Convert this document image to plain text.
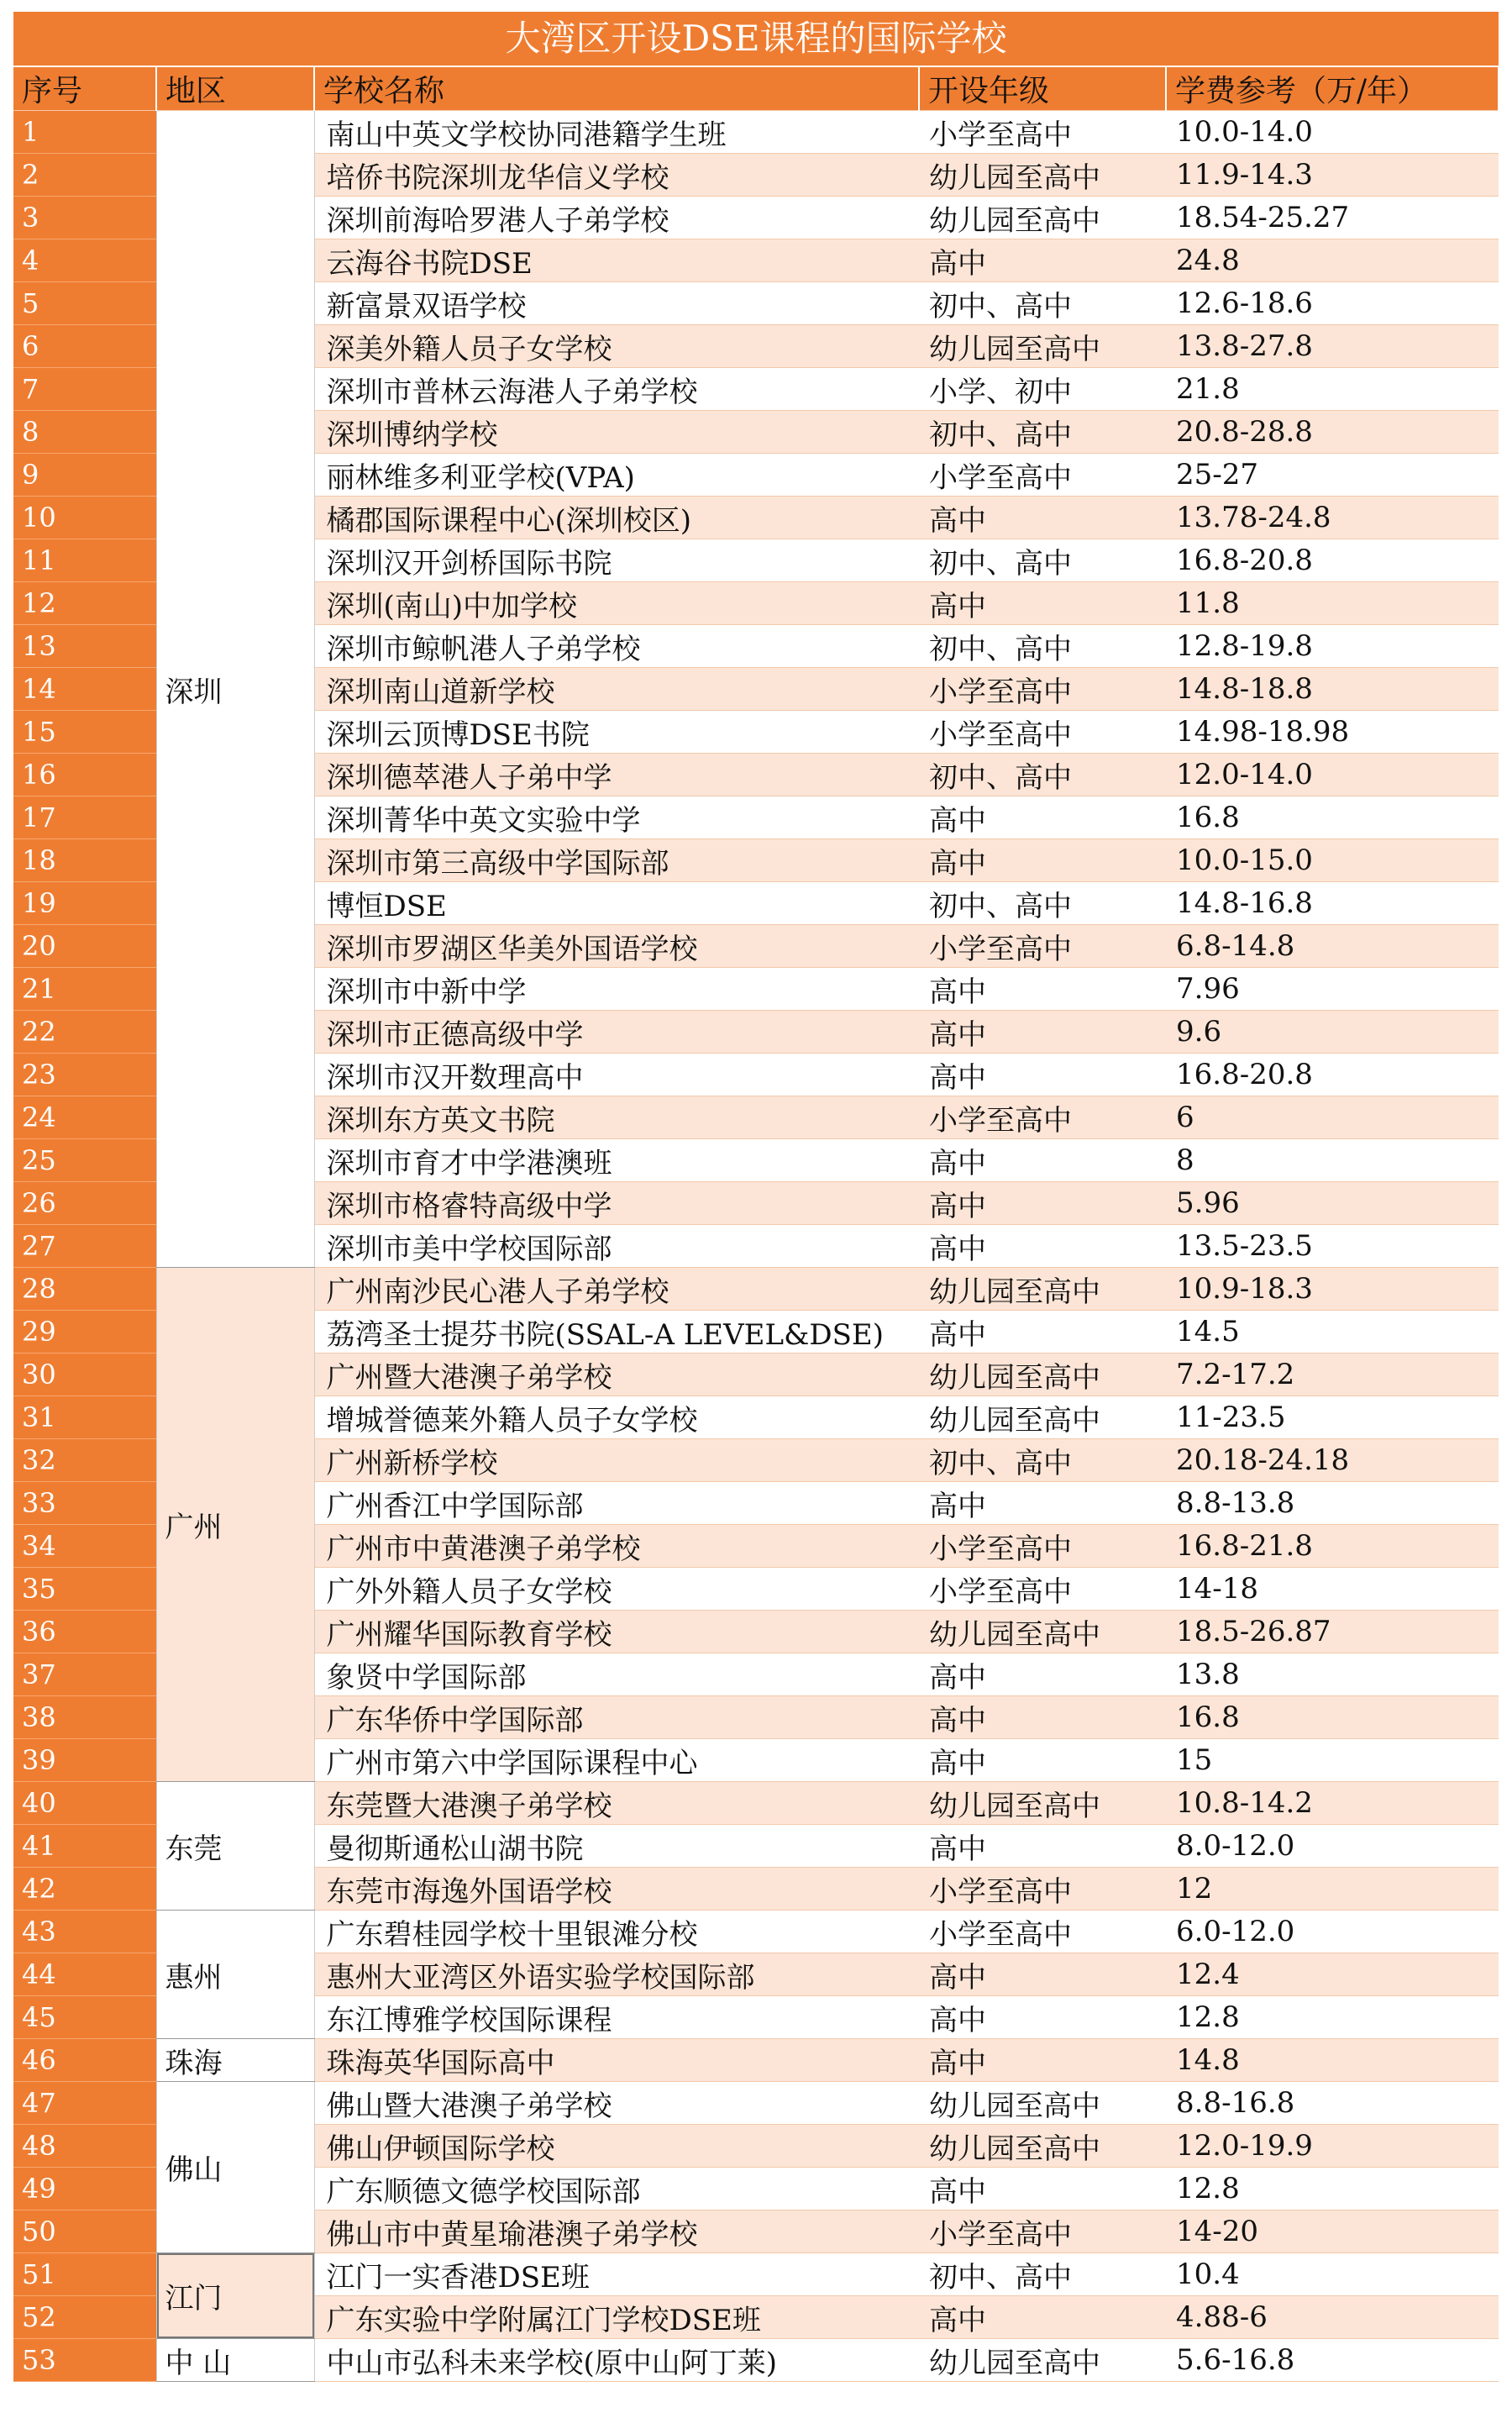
大湾区开设DSE课程的国际学校
序号	地区	学校名称	开设年级	学费参考（万/年）
1	深圳	南山中英文学校协同港籍学生班	小学至高中	10.0-14.0
2		培侨书院深圳龙华信义学校	幼儿园至高中	11.9-14.3
3		深圳前海哈罗港人子弟学校	幼儿园至高中	18.54-25.27
4		云海谷书院DSE	高中	24.8
5		新富景双语学校	初中、高中	12.6-18.6
6		深美外籍人员子女学校	幼儿园至高中	13.8-27.8
7		深圳市普林云海港人子弟学校	小学、初中	21.8
8		深圳博纳学校	初中、高中	20.8-28.8
9		丽林维多利亚学校(VPA)	小学至高中	25-27
10		橘郡国际课程中心(深圳校区)	高中	13.78-24.8
11		深圳汉开剑桥国际书院	初中、高中	16.8-20.8
12		深圳(南山)中加学校	高中	11.8
13		深圳市鲸帆港人子弟学校	初中、高中	12.8-19.8
14		深圳南山道新学校	小学至高中	14.8-18.8
15		深圳云顶博DSE书院	小学至高中	14.98-18.98
16		深圳德萃港人子弟中学	初中、高中	12.0-14.0
17		深圳菁华中英文实验中学	高中	16.8
18		深圳市第三高级中学国际部	高中	10.0-15.0
19		博恒DSE	初中、高中	14.8-16.8
20		深圳市罗湖区华美外国语学校	小学至高中	6.8-14.8
21		深圳市中新中学	高中	7.96
22		深圳市正德高级中学	高中	9.6
23		深圳市汉开数理高中	高中	16.8-20.8
24		深圳东方英文书院	小学至高中	6
25		深圳市育才中学港澳班	高中	8
26		深圳市格睿特高级中学	高中	5.96
27		深圳市美中学校国际部	高中	13.5-23.5
28	广州	广州南沙民心港人子弟学校	幼儿园至高中	10.9-18.3
29		荔湾圣士提芬书院(SSAL-A LEVEL&DSE)	高中	14.5
30		广州暨大港澳子弟学校	幼儿园至高中	7.2-17.2
31		增城誉德莱外籍人员子女学校	幼儿园至高中	11-23.5
32		广州新桥学校	初中、高中	20.18-24.18
33		广州香江中学国际部	高中	8.8-13.8
34		广州市中黄港澳子弟学校	小学至高中	16.8-21.8
35		广外外籍人员子女学校	小学至高中	14-18
36		广州耀华国际教育学校	幼儿园至高中	18.5-26.87
37		象贤中学国际部	高中	13.8
38		广东华侨中学国际部	高中	16.8
39		广州市第六中学国际课程中心	高中	15
40	东莞	东莞暨大港澳子弟学校	幼儿园至高中	10.8-14.2
41		曼彻斯通松山湖书院	高中	8.0-12.0
42		东莞市海逸外国语学校	小学至高中	12
43	惠州	广东碧桂园学校十里银滩分校	小学至高中	6.0-12.0
44		惠州大亚湾区外语实验学校国际部	高中	12.4
45		东江博雅学校国际课程	高中	12.8
46	珠海	珠海英华国际高中	高中	14.8
47	佛山	佛山暨大港澳子弟学校	幼儿园至高中	8.8-16.8
48		佛山伊顿国际学校	幼儿园至高中	12.0-19.9
49		广东顺德文德学校国际部	高中	12.8
50		佛山市中黄星瑜港澳子弟学校	小学至高中	14-20
51	江门	江门一实香港DSE班	初中、高中	10.4
52		广东实验中学附属江门学校DSE班	高中	4.88-6
53	中 山	中山市弘科未来学校(原中山阿丁莱)	幼儿园至高中	5.6-16.8
